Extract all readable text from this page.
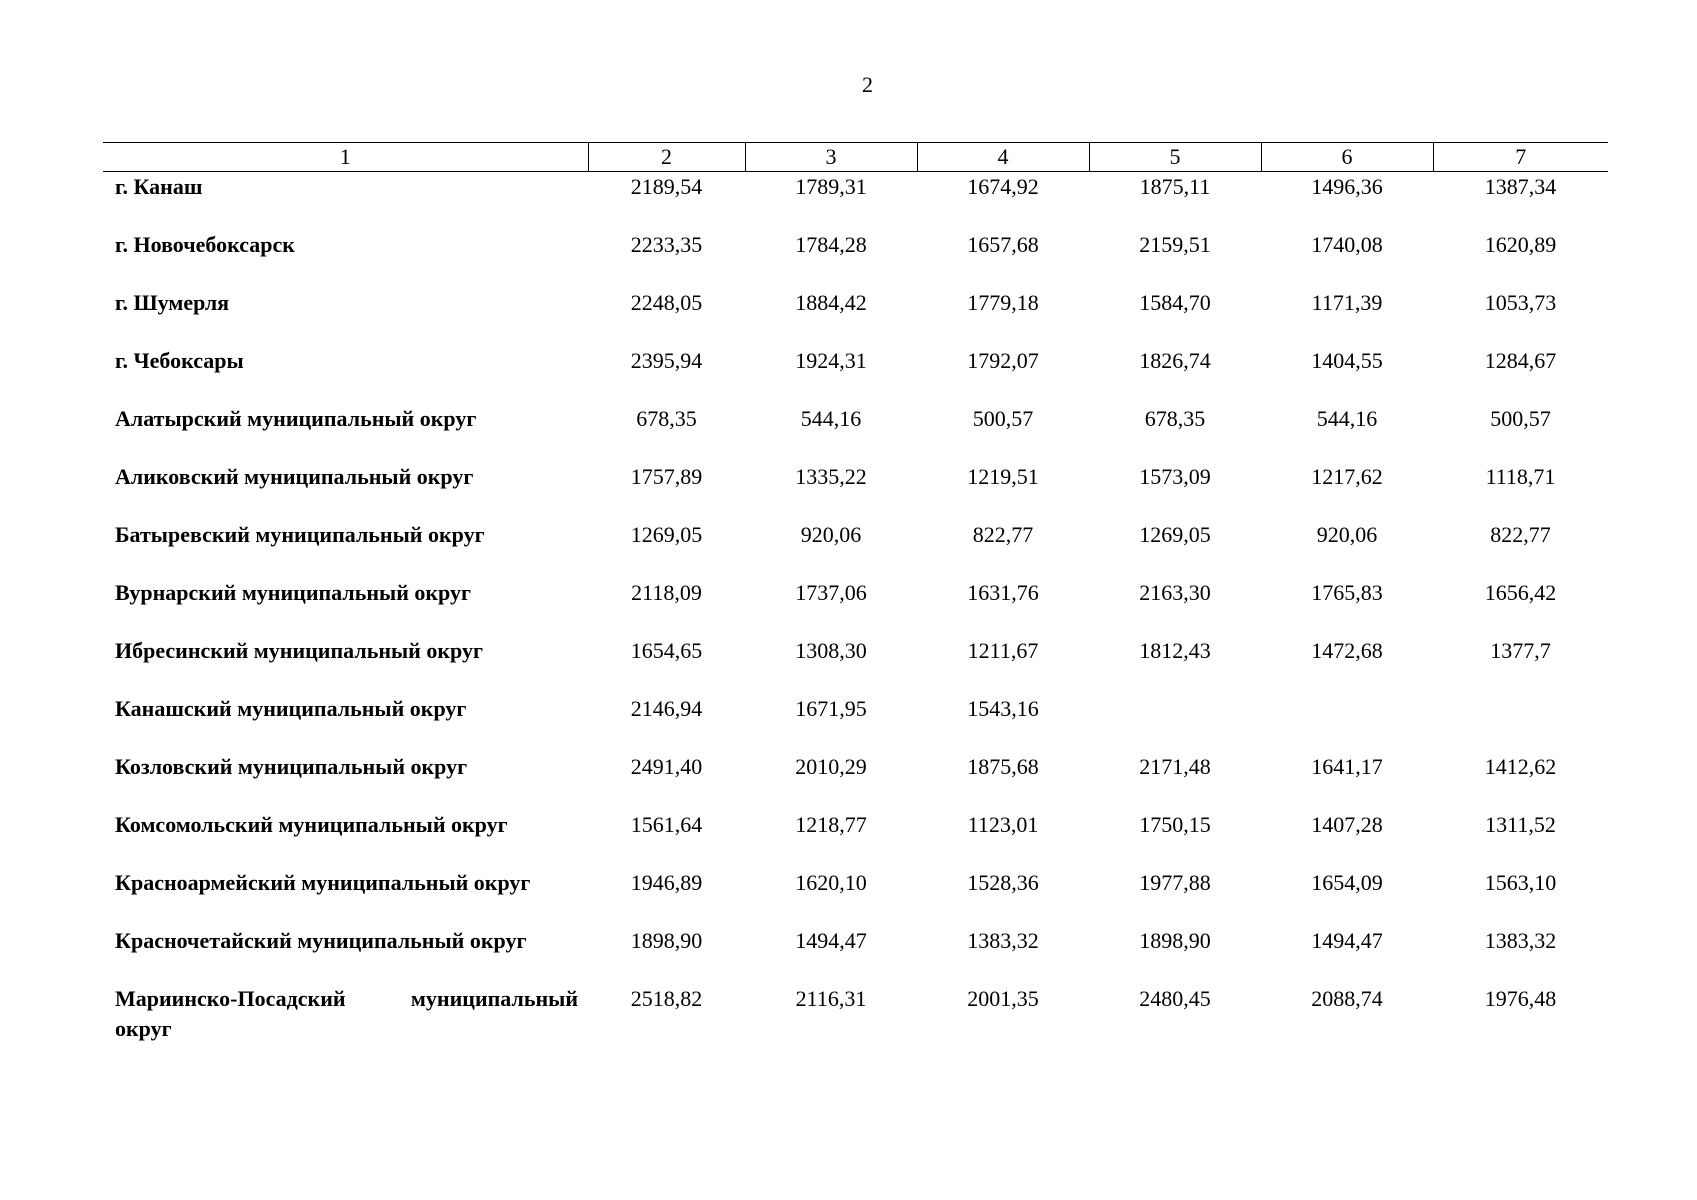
2
1	2	3	4	5	6	7
г. Канаш	2189,54	1789,31	1674,92	1875,11	1496,36	1387,34
г. Новочебоксарск	2233,35	1784,28	1657,68	2159,51	1740,08	1620,89
г. Шумерля	2248,05	1884,42	1779,18	1584,70	1171,39	1053,73
г. Чебоксары	2395,94	1924,31	1792,07	1826,74	1404,55	1284,67
Алатырский муниципальный округ	678,35	544,16	500,57	678,35	544,16	500,57
Аликовский муниципальный округ	1757,89	1335,22	1219,51	1573,09	1217,62	1118,71
Батыревский муниципальный округ	1269,05	920,06	822,77	1269,05	920,06	822,77
Вурнарский муниципальный округ	2118,09	1737,06	1631,76	2163,30	1765,83	1656,42
Ибресинский муниципальный округ	1654,65	1308,30	1211,67	1812,43	1472,68	1377,7
Канашский муниципальный округ	2146,94	1671,95	1543,16			
Козловский муниципальный округ	2491,40	2010,29	1875,68	2171,48	1641,17	1412,62
Комсомольский муниципальный округ	1561,64	1218,77	1123,01	1750,15	1407,28	1311,52
Красноармейский муниципальный округ	1946,89	1620,10	1528,36	1977,88	1654,09	1563,10
Красночетайский муниципальный округ	1898,90	1494,47	1383,32	1898,90	1494,47	1383,32
Мариинско-Посадский муниципальный округ	2518,82	2116,31	2001,35	2480,45	2088,74	1976,48
